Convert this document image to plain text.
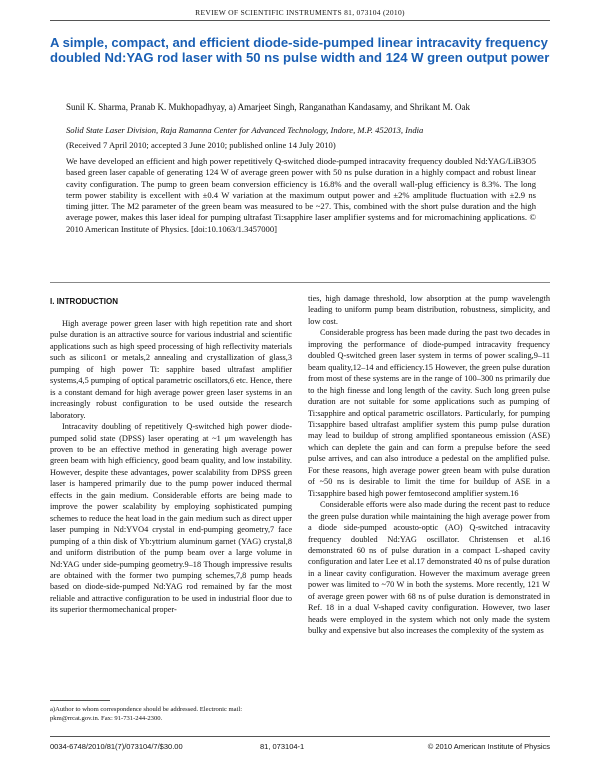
REVIEW OF SCIENTIFIC INSTRUMENTS 81, 073104 (2010)
A simple, compact, and efficient diode-side-pumped linear intracavity frequency doubled Nd:YAG rod laser with 50 ns pulse width and 124 W green output power
Sunil K. Sharma, Pranab K. Mukhopadhyay, a) Amarjeet Singh, Ranganathan Kandasamy, and Shrikant M. Oak
Solid State Laser Division, Raja Ramanna Center for Advanced Technology, Indore, M.P. 452013, India
(Received 7 April 2010; accepted 3 June 2010; published online 14 July 2010)
We have developed an efficient and high power repetitively Q-switched diode-pumped intracavity frequency doubled Nd:YAG/LiB3O5 based green laser capable of generating 124 W of average green power with 50 ns pulse duration in a highly compact and robust linear cavity configuration. The pump to green beam conversion efficiency is 16.8% and the overall wall-plug efficiency is 8.3%. The long term power stability is excellent with ±0.4 W variation at the maximum output power and ±2% amplitude fluctuation with ±2.9 ns timing jitter. The M2 parameter of the green beam was measured to be ~27. This, combined with the short pulse duration and the high average power, makes this laser ideal for pumping ultrafast Ti:sapphire laser amplifier systems and for micromachining applications. © 2010 American Institute of Physics. [doi:10.1063/1.3457000]
I. INTRODUCTION

High average power green laser with high repetition rate and short pulse duration is an attractive source for various industrial and scientific applications such as high speed processing of high reflectivity materials such as silicon1 or metals,2 annealing and crystallization of glass,3 pumping of high power Ti: sapphire based ultrafast amplifier systems,4,5 pumping of optical parametric oscillators,6 etc. Hence, there is a constant demand for high average power green laser systems in an increasingly robust configuration to be used outside the research laboratory.

Intracavity doubling of repetitively Q-switched high power diode-pumped solid state (DPSS) laser operating at ~1 μm wavelength has proven to be an effective method in generating high average power green beam with high efficiency, good beam quality, and low instability. However, despite these advantages, power scalability from DPSS green laser is hampered primarily due to the pump power induced thermal effects in the gain medium. Considerable efforts are being made to improve the power scalability by employing sophisticated pumping schemes to reduce the heat load in the gain medium such as direct upper laser pumping in Nd:YVO4 crystal in end-pumping geometry,7 face pumping of a thin disk of Yb:yttrium aluminum garnet (YAG) crystal,8 and uniform distribution of the pump beam over a large volume in Nd:YAG under side-pumping geometry.9–18 Though impressive results are obtained with the former two pumping schemes,7,8 pump heads based on diode-side-pumped Nd:YAG rod remained by far the most reliable and attractive configuration to be used in industrial floor due to its superior thermomechanical proper-

ties, high damage threshold, low absorption at the pump wavelength leading to uniform pump beam distribution, robustness, simplicity, and low cost.

Considerable progress has been made during the past two decades in improving the performance of diode-pumped intracavity frequency doubled Q-switched green laser system in terms of power scaling,9–11 beam quality,12–14 and efficiency.15 However, the green pulse duration from most of these systems are in the range of 100–300 ns primarily due to the high finesse and long length of the cavity. Such long green pulse duration are not suitable for some applications such as pumping of Ti:sapphire and optical parametric oscillators. Particularly, for pumping Ti:sapphire based ultrafast amplifier system this pump pulse duration may lead to buildup of strong amplified spontaneous emission (ASE) which can deplete the gain and can form a prepulse before the seed pulse arrives, and can also introduce a pedestal on the amplified pulse. For these reasons, high average power green beam with pulse duration of ~50 ns is desirable to limit the time for buildup of ASE in a Ti:sapphire based high power femtosecond amplifier system.16

Considerable efforts were also made during the recent past to reduce the green pulse duration while maintaining the high average power from a diode side-pumped acousto-optic (AO) Q-switched intracavity frequency doubled Nd:YAG oscillator. Christensen et al.16 demonstrated 60 ns of pulse duration in a compact L-shaped cavity configuration and later Lee et al.17 demonstrated 40 ns of pulse duration in a linear cavity configuration. However the maximum average green power was limited to ~70 W in both the systems. More recently, 121 W of average green power with 68 ns of pulse duration is demonstrated in Ref. 18 in a dual V-shaped cavity configuration. However, two laser heads were employed in the system which not only made the system bulky and expensive but also increases the complexity of the system as

a)Author to whom correspondence should be addressed. Electronic mail: pkm@rrcat.gov.in. Fax: 91-731-244-2300.
0034-6748/2010/81(7)/073104/7/$30.00	81, 073104-1	© 2010 American Institute of Physics
